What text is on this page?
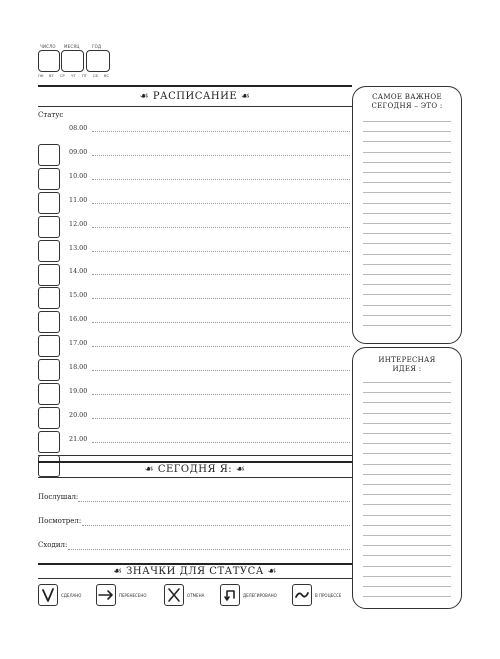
ЧИСЛО МЕСЯЦ	ГОД
ПН ВТ СР ЧТ ПТ СБ ВС
☙ РАСПИСАНИЕ ☙
Статус
08.00
09.00
10.00
11.00
12.00
13.00
14.00
15.00
16.00
17.00
18.00
19.00
20.00
21.00
☙ СЕГОДНЯ Я: ☙
Послушал:
Посмотрел:
Сходил:
☙ ЗНАЧКИ ДЛЯ СТАТУСА ☙
СДЕЛАНО	ПЕРЕНЕСЕНО	ОТМЕНА	ДЕЛЕГИРОВАНО	В ПРОЦЕССЕ
САМОЕ ВАЖНОЕ
СЕГОДНЯ – ЭТО :
ИНТЕРЕСНАЯ
ИДЕЯ :
